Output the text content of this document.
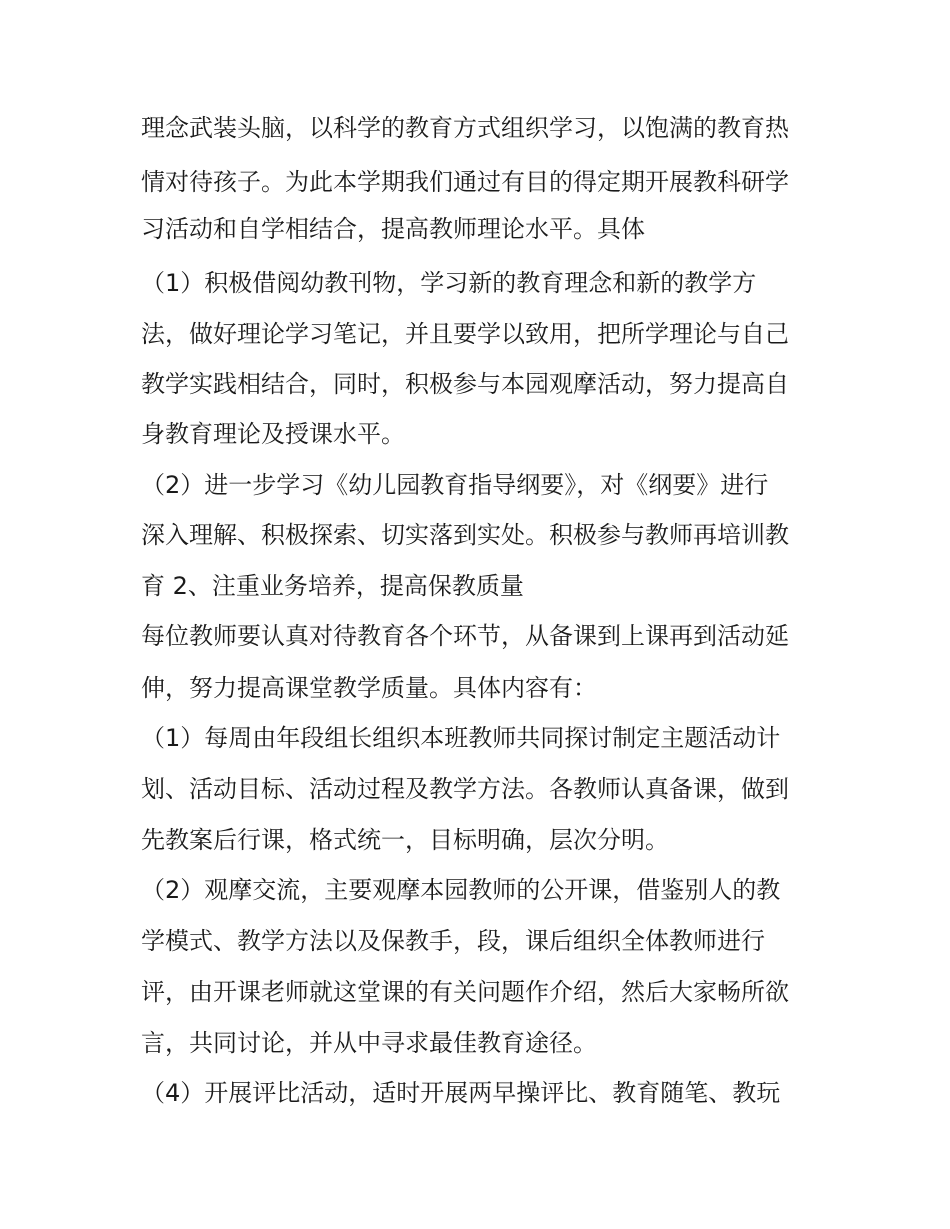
理念武装头脑，以科学的教育方式组织学习，以饱满的教育热
情对待孩子。为此本学期我们通过有目的得定期开展教科研学
习活动和自学相结合，提高教师理论水平。具体
（1）积极借阅幼教刊物，学习新的教育理念和新的教学方
法，做好理论学习笔记，并且要学以致用，把所学理论与自己
教学实践相结合，同时，积极参与本园观摩活动，努力提高自
身教育理论及授课水平。
（2）进一步学习《幼儿园教育指导纲要》，对《纲要》进行
深入理解、积极探索、切实落到实处。积极参与教师再培训教
育 2、注重业务培养，提高保教质量
每位教师要认真对待教育各个环节，从备课到上课再到活动延
伸，努力提高课堂教学质量。具体内容有：
（1）每周由年段组长组织本班教师共同探讨制定主题活动计
划、活动目标、活动过程及教学方法。各教师认真备课，做到
先教案后行课，格式统一，目标明确，层次分明。
（2）观摩交流，主要观摩本园教师的公开课，借鉴别人的教
学模式、教学方法以及保教手，段，课后组织全体教师进行
评，由开课老师就这堂课的有关问题作介绍，然后大家畅所欲
言，共同讨论，并从中寻求最佳教育途径。
（4）开展评比活动，适时开展两早操评比、教育随笔、教玩
